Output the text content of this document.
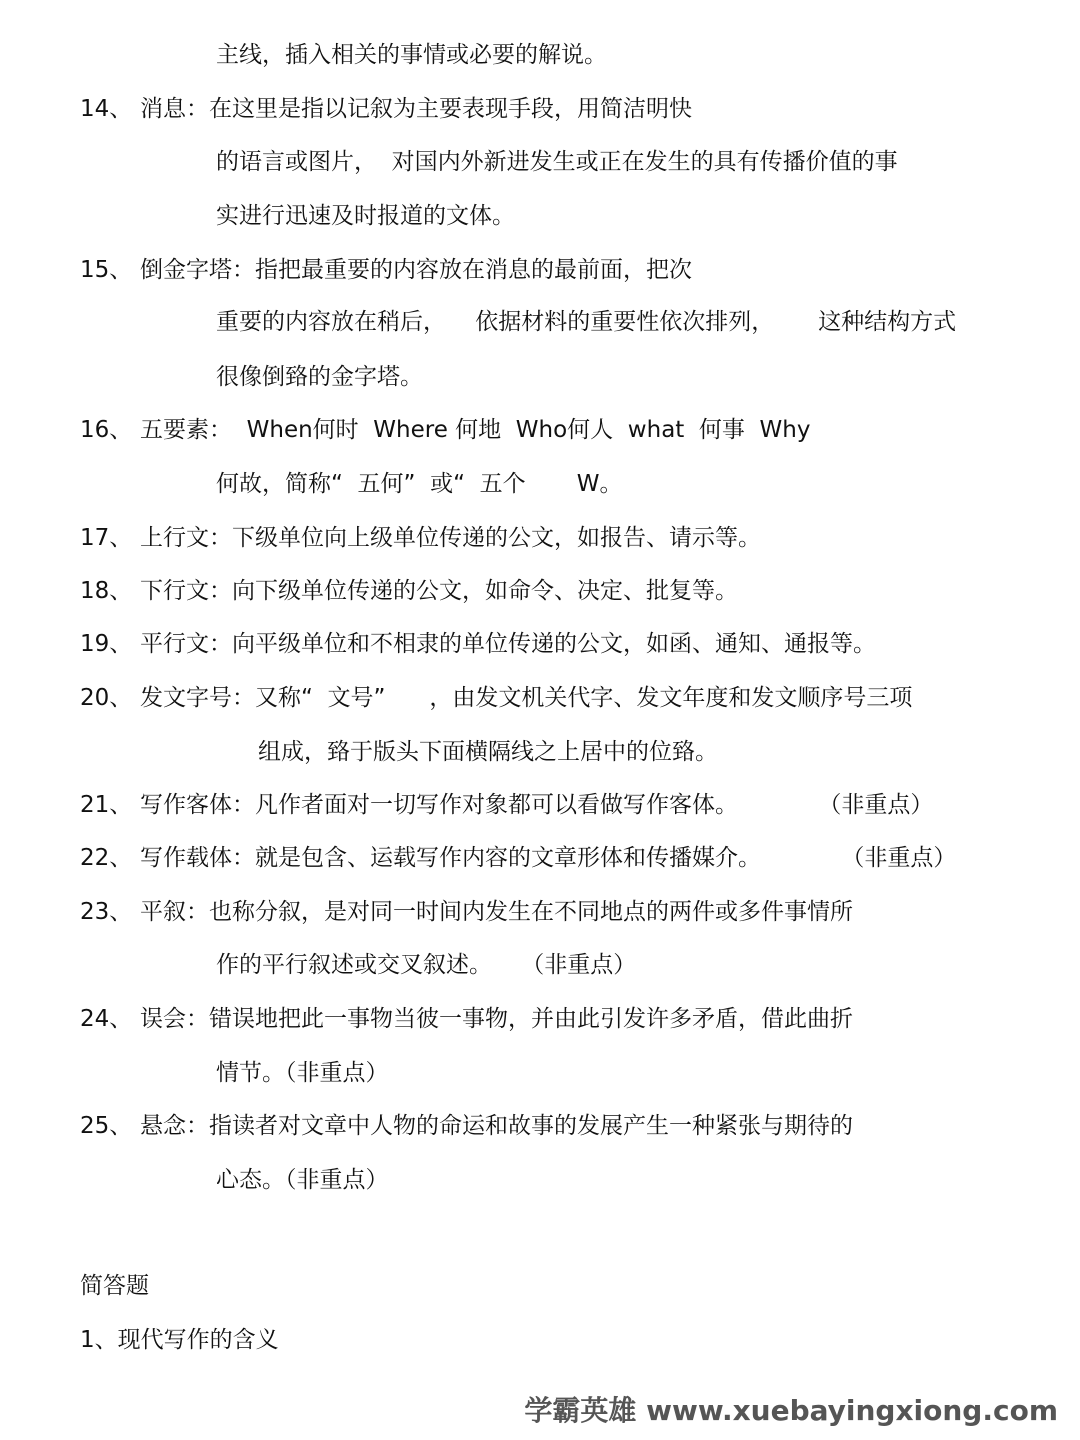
主线，插入相关的事情或必要的解说。
14、 消息：在这里是指以记叙为主要表现手段，用简洁明快
的语言或图片，  对国内外新进发生或正在发生的具有传播价值的事
实进行迅速及时报道的文体。
15、 倒金字塔：指把最重要的内容放在消息的最前面，把次
重要的内容放在稍后，    依据材料的重要性依次排列，      这种结构方式
很像倒臵的金字塔。
16、 五要素：  When何时  Where 何地  Who何人  what  何事  Why
何故，简称“  五何”  或“  五个       W。
17、 上行文：下级单位向上级单位传递的公文，如报告、请示等。
18、 下行文：向下级单位传递的公文，如命令、决定、批复等。
19、 平行文：向平级单位和不相隶的单位传递的公文，如函、通知、通报等。
20、 发文字号：又称“  文号”      ，由发文机关代字、发文年度和发文顺序号三项
组成，臵于版头下面横隔线之上居中的位臵。
21、 写作客体：凡作者面对一切写作对象都可以看做写作客体。           （非重点）
22、 写作载体：就是包含、运载写作内容的文章形体和传播媒介。           （非重点）
23、 平叙：也称分叙，是对同一时间内发生在不同地点的两件或多件事情所
作的平行叙述或交叉叙述。    （非重点）
24、 误会：错误地把此一事物当彼一事物，并由此引发许多矛盾，借此曲折
情节。（非重点）
25、 悬念：指读者对文章中人物的命运和故事的发展产生一种紧张与期待的
心态。（非重点）
简答题
1、现代写作的含义
学霸英雄 www.xuebayingxiong.com
